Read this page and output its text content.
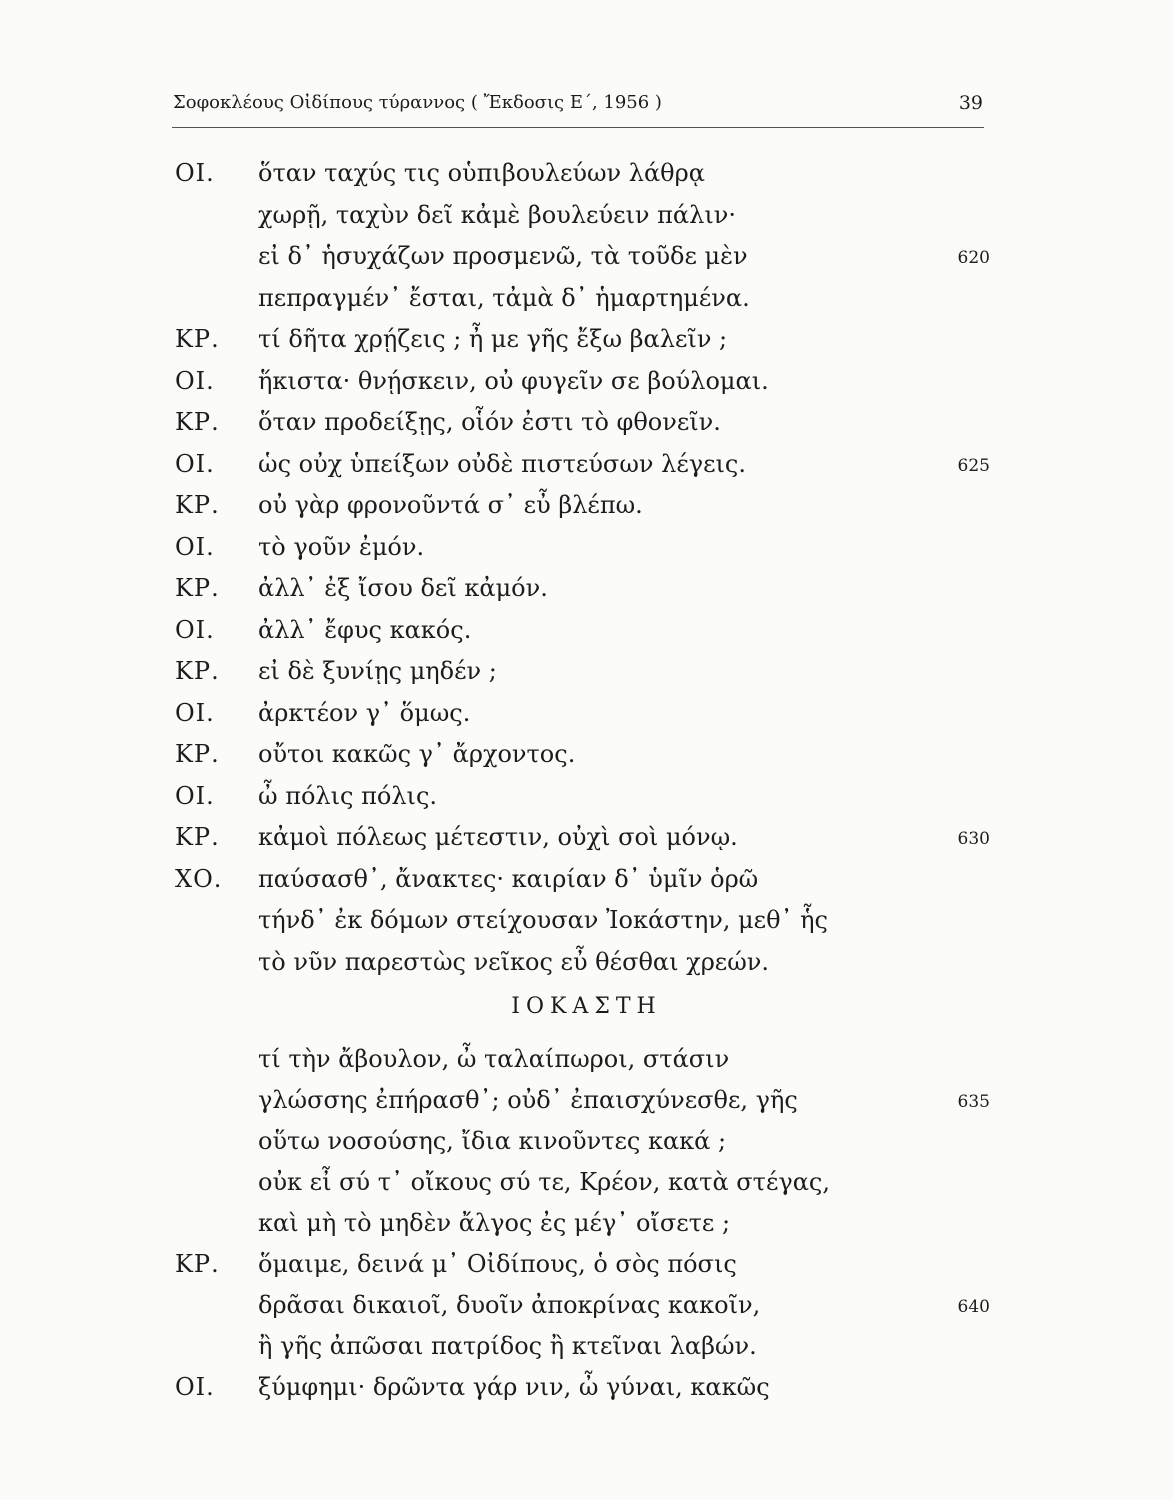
Σοφοκλέους Οἰδίπους τύραννος ( Ἔκδοσις Ε΄, 1956 )	39
ΟΙ. ὅταν ταχύς τις οὑπιβουλεύων λάθρᾳ
χωρῇ, ταχὺν δεῖ κἀμὲ βουλεύειν πάλιν·
εἰ δ᾽ ἡσυχάζων προσμενῶ, τὰ τοῦδε μὲν	620
πεπραγμέν᾽ ἔσται, τἀμὰ δ᾽ ἡμαρτημένα.
ΚΡ. τί δῆτα χρῄζεις ; ἦ με γῆς ἔξω βαλεῖν ;
ΟΙ. ἥκιστα· θνῄσκειν, οὐ φυγεῖν σε βούλομαι.
ΚΡ. ὅταν προδείξῃς, οἷόν ἐστι τὸ φθονεῖν.
ΟΙ. ὡς οὐχ ὑπείξων οὐδὲ πιστεύσων λέγεις.	625
ΚΡ. οὐ γὰρ φρονοῦντά σ᾽ εὖ βλέπω.
ΟΙ. τὸ γοῦν ἐμόν.
ΚΡ. ἀλλ᾽ ἐξ ἴσου δεῖ κἀμόν.
ΟΙ. ἀλλ᾽ ἔφυς κακός.
ΚΡ. εἰ δὲ ξυνίῃς μηδέν ;
ΟΙ. ἀρκτέον γ᾽ ὅμως.
ΚΡ. οὔτοι κακῶς γ᾽ ἄρχοντος.
ΟΙ. ὦ πόλις πόλις.
ΚΡ. κἀμοὶ πόλεως μέτεστιν, οὐχὶ σοὶ μόνῳ.	630
ΧΟ. παύσασθ᾽, ἄνακτες· καιρίαν δ᾽ ὑμῖν ὁρῶ
τήνδ᾽ ἐκ δόμων στείχουσαν Ἰοκάστην, μεθ᾽ ἧς
τὸ νῦν παρεστὼς νεῖκος εὖ θέσθαι χρεών.
ΙΟΚΑΣΤΗ
τί τὴν ἄβουλον, ὦ ταλαίπωροι, στάσιν
γλώσσης ἐπήρασθ᾽; οὐδ᾽ ἐπαισχύνεσθε, γῆς	635
οὕτω νοσούσης, ἴδια κινοῦντες κακά ;
οὐκ εἶ σύ τ᾽ οἴκους σύ τε, Κρέον, κατὰ στέγας,
καὶ μὴ τὸ μηδὲν ἄλγος ἐς μέγ᾽ οἴσετε ;
ΚΡ. ὅμαιμε, δεινά μ᾽ Οἰδίπους, ὁ σὸς πόσις
δρᾶσαι δικαιοῖ, δυοῖν ἀποκρίνας κακοῖν,	640
ἢ γῆς ἀπῶσαι πατρίδος ἢ κτεῖναι λαβών.
ΟΙ. ξύμφημι· δρῶντα γάρ νιν, ὦ γύναι, κακῶς
